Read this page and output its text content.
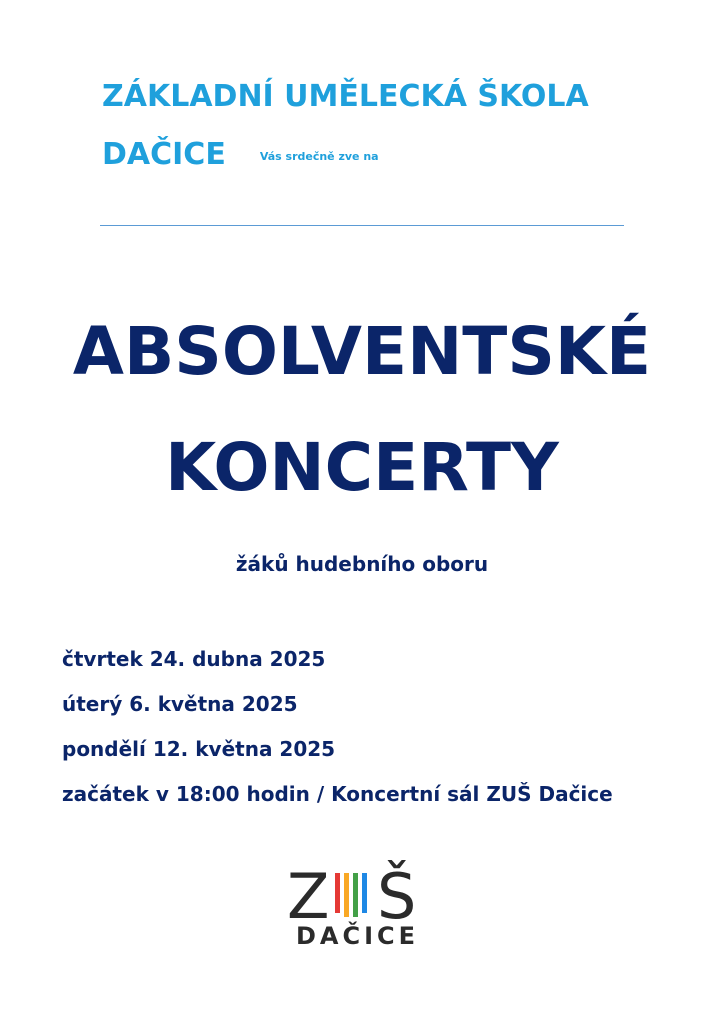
ZÁKLADNÍ UMĚLECKÁ ŠKOLA
DAČICE	Vás srdečně zve na
ABSOLVENTSKÉ
KONCERTY
žáků hudebního oboru
čtvrtek 24. dubna 2025
úterý 6. května 2025
pondělí 12. května 2025
začátek v 18:00 hodin / Koncertní sál ZUŠ Dačice
Z Š
DAČICE
